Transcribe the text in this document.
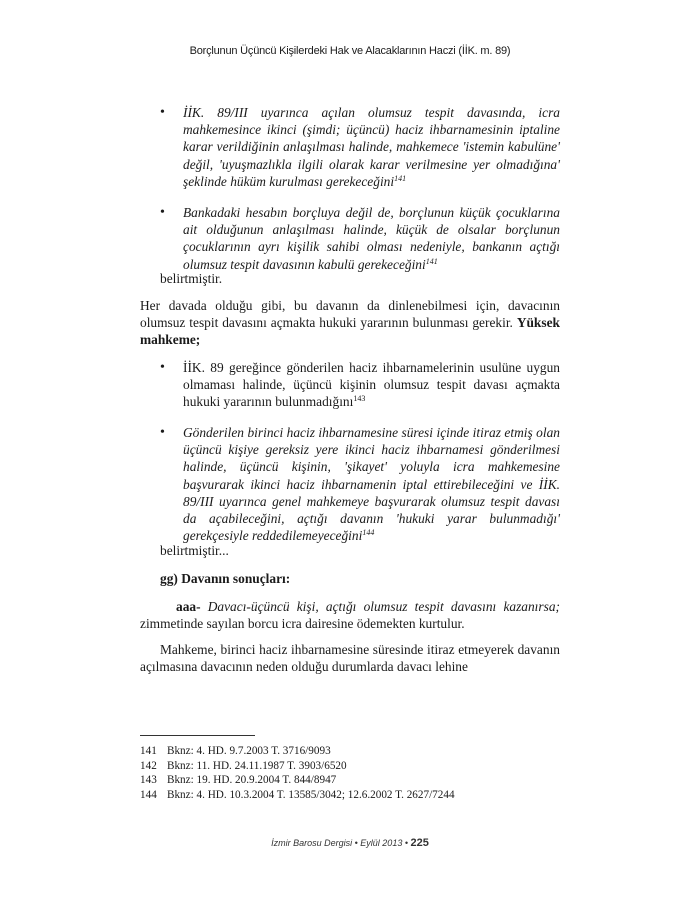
Borçlunun Üçüncü Kişilerdeki Hak ve Alacaklarının Haczi (İİK. m. 89)
• İİK. 89/III uyarınca açılan olumsuz tespit davasında, icra mahkemesince ikinci (şimdi; üçüncü) haciz ihbarnamesinin iptaline karar verildiğinin anlaşılması halinde, mahkemece 'istemin kabulüne' değil, 'uyuşmazlıkla ilgili olarak karar verilmesine yer olmadığına' şeklinde hüküm kurulması gerekeceğini$^{141}$
• Bankadaki hesabın borçluya değil de, borçlunun küçük çocuklarına ait olduğunun anlaşılması halinde, küçük de olsalar borçlunun çocuklarının ayrı kişilik sahibi olması nedeniyle, bankanın açtığı olumsuz tespit davasının kabulü gerekeceğini$^{141}$
belirtmiştir.
Her davada olduğu gibi, bu davanın da dinlenebilmesi için, davacının olumsuz tespit davasını açmakta hukuki yararının bulunması gerekir. Yüksek mahkeme;
• İİK. 89 gereğince gönderilen haciz ihbarnamelerinin usulüne uygun olmaması halinde, üçüncü kişinin olumsuz tespit davası açmakta hukuki yararının bulunmadığını$^{143}$
• Gönderilen birinci haciz ihbarnamesine süresi içinde itiraz etmiş olan üçüncü kişiye gereksiz yere ikinci haciz ihbarnamesi gönderilmesi halinde, üçüncü kişinin, 'şikayet' yoluyla icra mahkemesine başvurarak ikinci haciz ihbarnamenin iptal ettirebileceğini ve İİK. 89/III uyarınca genel mahkemeye başvurarak olumsuz tespit davası da açabileceğini, açtığı davanın 'hukuki yarar bulunmadığı' gerekçesiyle reddedilemeyeceğini$^{144}$
belirtmiştir...
gg) Davanın sonuçları:
aaa- Davacı-üçüncü kişi, açtığı olumsuz tespit davasını kazanırsa; zimmetinde sayılan borcu icra dairesine ödemekten kurtulur.
Mahkeme, birinci haciz ihbarnamesine süresinde itiraz etmeyerek davanın açılmasına davacının neden olduğu durumlarda davacı lehine
141 Bknz: 4. HD. 9.7.2003 T. 3716/9093
142 Bknz: 11. HD. 24.11.1987 T. 3903/6520
143 Bknz: 19. HD. 20.9.2004 T. 844/8947
144 Bknz: 4. HD. 10.3.2004 T. 13585/3042; 12.6.2002 T. 2627/7244
İzmir Barosu Dergisi • Eylül 2013 • 225
